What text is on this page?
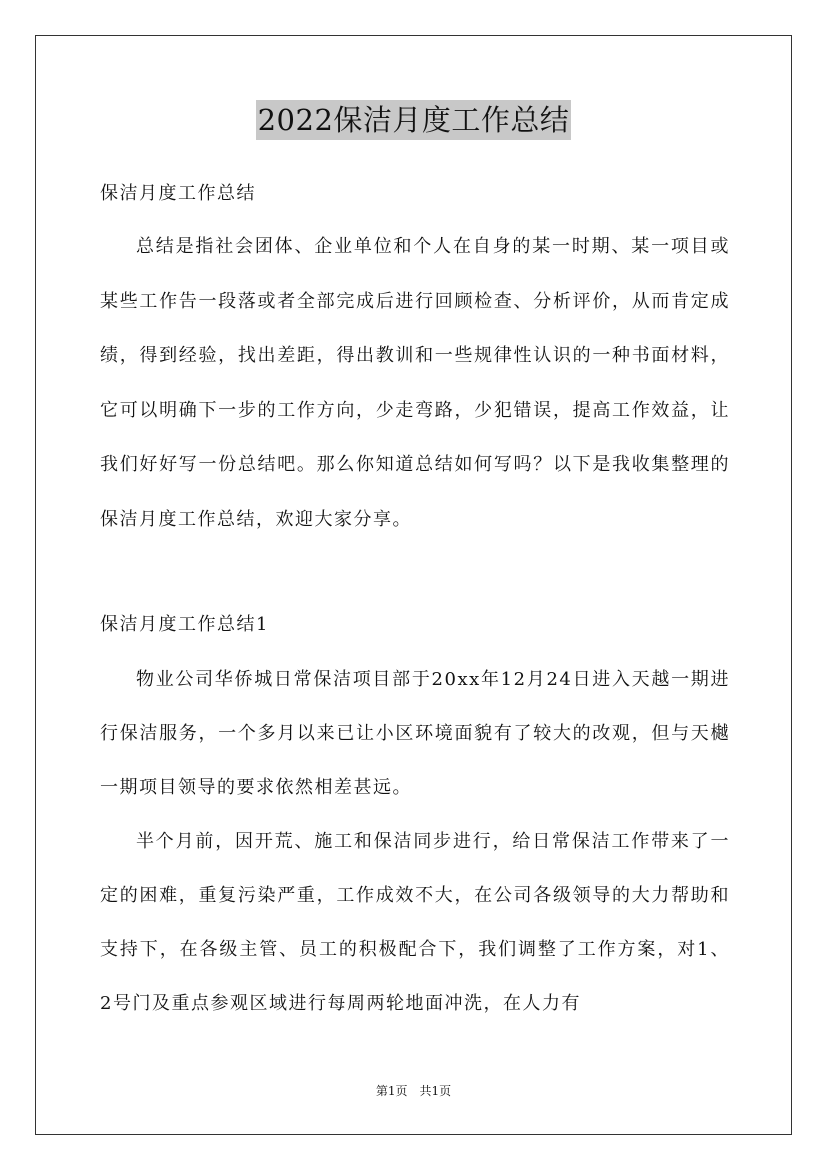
2022保洁月度工作总结

保洁月度工作总结

总结是指社会团体、企业单位和个人在自身的某一时期、某一项目或某些工作告一段落或者全部完成后进行回顾检查、分析评价，从而肯定成绩，得到经验，找出差距，得出教训和一些规律性认识的一种书面材料，它可以明确下一步的工作方向，少走弯路，少犯错误，提高工作效益，让我们好好写一份总结吧。那么你知道总结如何写吗？以下是我收集整理的保洁月度工作总结，欢迎大家分享。

保洁月度工作总结1

物业公司华侨城日常保洁项目部于20xx年12月24日进入天越一期进行保洁服务，一个多月以来已让小区环境面貌有了较大的改观，但与天樾一期项目领导的要求依然相差甚远。

半个月前，因开荒、施工和保洁同步进行，给日常保洁工作带来了一定的困难，重复污染严重，工作成效不大，在公司各级领导的大力帮助和支持下，在各级主管、员工的积极配合下，我们调整了工作方案，对1、2号门及重点参观区域进行每周两轮地面冲洗，在人力有

第1页 共1页
